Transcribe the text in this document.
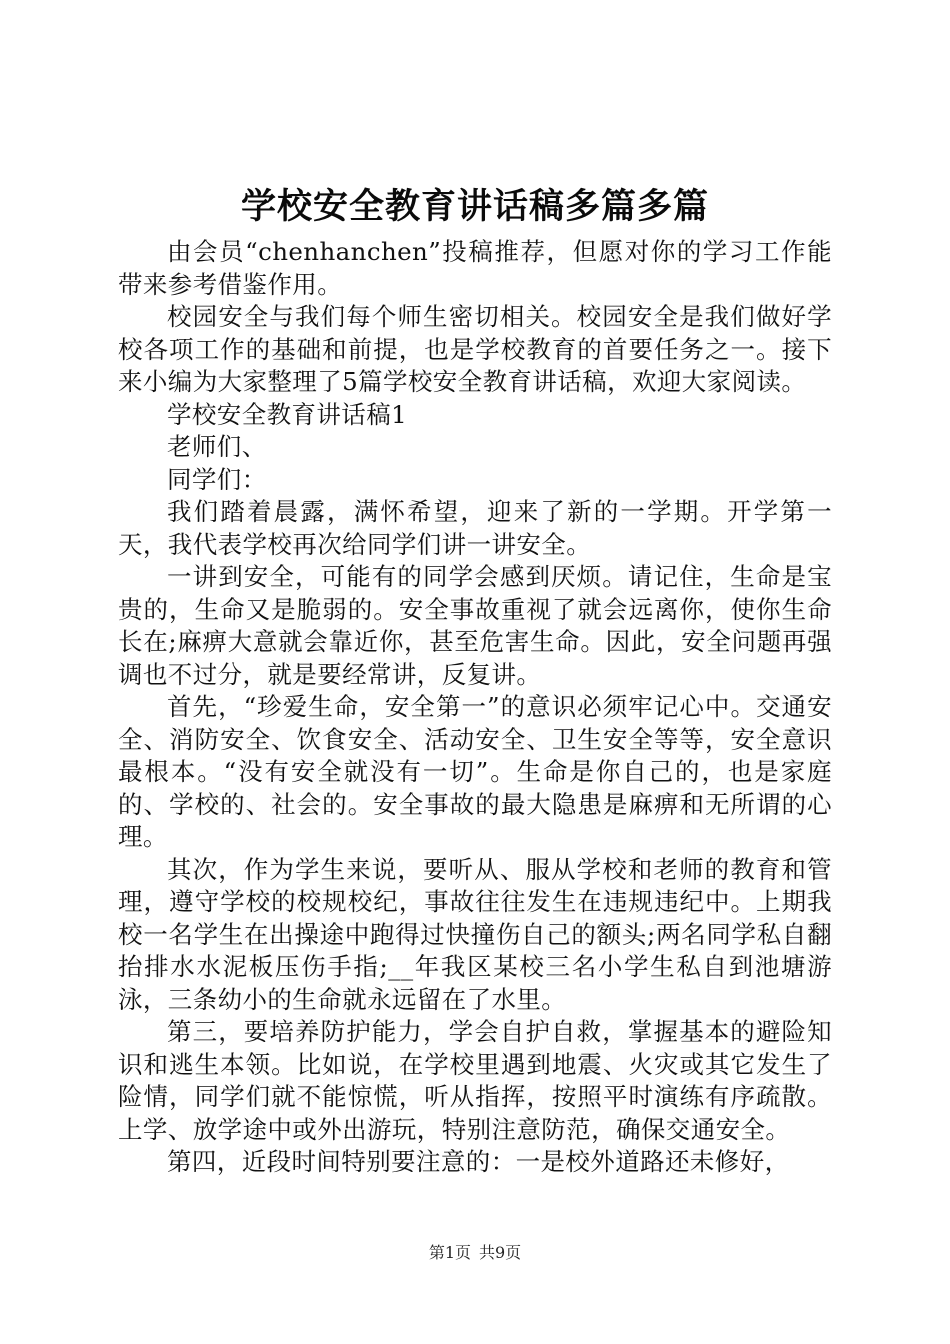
学校安全教育讲话稿多篇多篇

由会员“chenhanchen”投稿推荐，但愿对你的学习工作能带来参考借鉴作用。

校园安全与我们每个师生密切相关。校园安全是我们做好学校各项工作的基础和前提，也是学校教育的首要任务之一。接下来小编为大家整理了5篇学校安全教育讲话稿，欢迎大家阅读。

学校安全教育讲话稿1

老师们、

同学们：

我们踏着晨露，满怀希望，迎来了新的一学期。开学第一天，我代表学校再次给同学们讲一讲安全。

一讲到安全，可能有的同学会感到厌烦。请记住，生命是宝贵的，生命又是脆弱的。安全事故重视了就会远离你，使你生命长在;麻痹大意就会靠近你，甚至危害生命。因此，安全问题再强调也不过分，就是要经常讲，反复讲。

首先，“珍爱生命，安全第一”的意识必须牢记心中。交通安全、消防安全、饮食安全、活动安全、卫生安全等等，安全意识最根本。“没有安全就没有一切”。生命是你自己的，也是家庭的、学校的、社会的。安全事故的最大隐患是麻痹和无所谓的心理。

其次，作为学生来说，要听从、服从学校和老师的教育和管理，遵守学校的校规校纪，事故往往发生在违规违纪中。上期我校一名学生在出操途中跑得过快撞伤自己的额头;两名同学私自翻抬排水水泥板压伤手指;__年我区某校三名小学生私自到池塘游泳，三条幼小的生命就永远留在了水里。

第三，要培养防护能力，学会自护自救，掌握基本的避险知识和逃生本领。比如说，在学校里遇到地震、火灾或其它发生了险情，同学们就不能惊慌，听从指挥，按照平时演练有序疏散。上学、放学途中或外出游玩，特别注意防范，确保交通安全。

第四，近段时间特别要注意的：一是校外道路还未修好，

第1页 共9页
